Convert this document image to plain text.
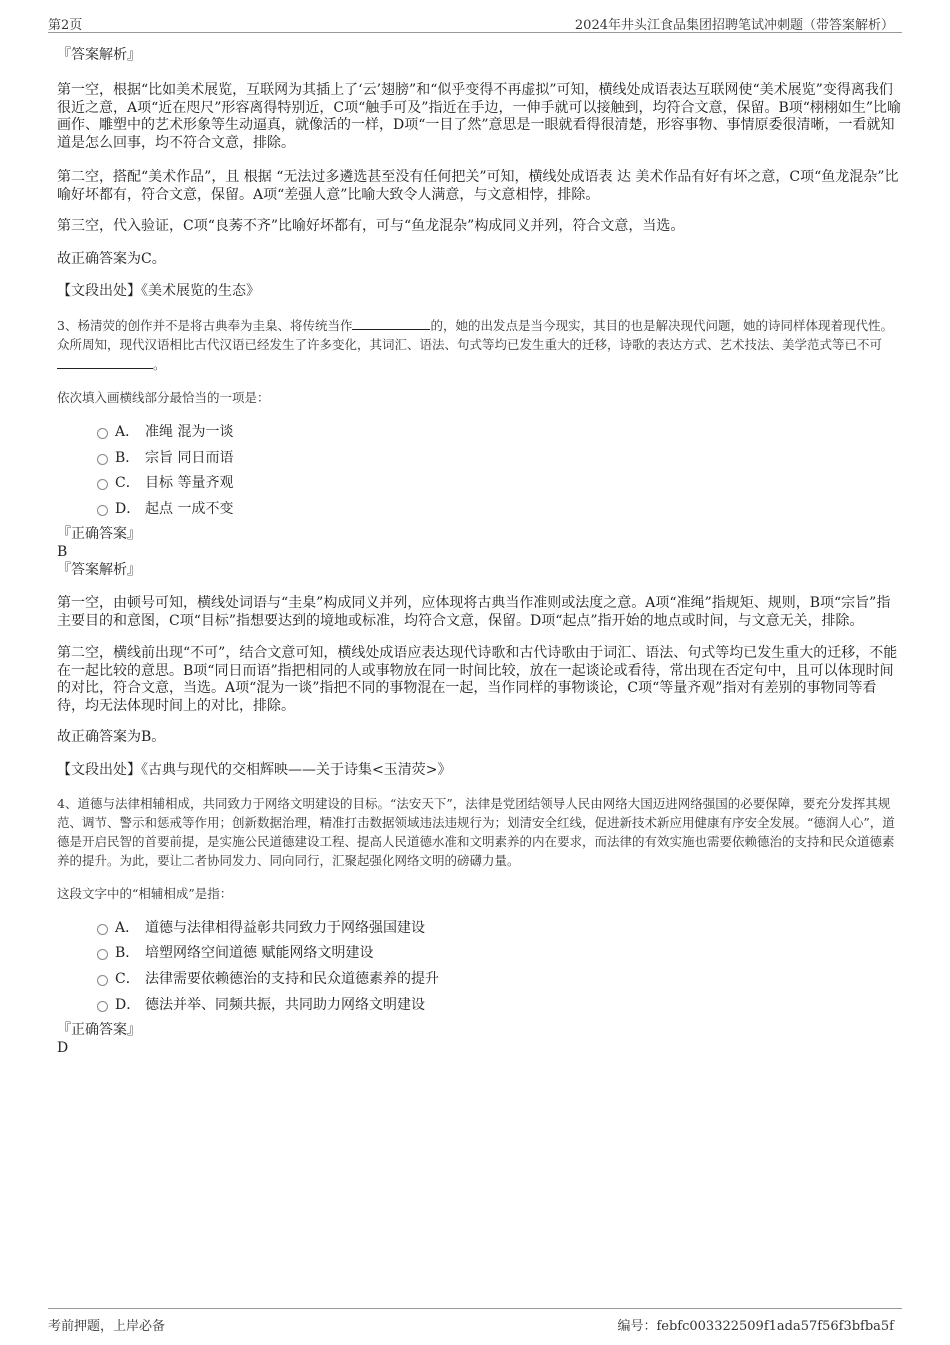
第2页	2024年井头江食品集团招聘笔试冲刺题（带答案解析）

『答案解析』

第一空，根据“比如美术展览，互联网为其插上了‘云’翅膀”和“似乎变得不再虚拟”可知，横线处成语表达互联网使“美术展览”变得离我们很近之意，A项“近在咫尺”形容离得特别近，C项“触手可及”指近在手边，一伸手就可以接触到，均符合文意，保留。B项“栩栩如生”比喻画作、雕塑中的艺术形象等生动逼真，就像活的一样，D项“一目了然”意思是一眼就看得很清楚，形容事物、事情原委很清晰，一看就知道是怎么回事，均不符合文意，排除。

第二空，搭配“美术作品”，且 根据 “无法过多遴选甚至没有任何把关”可知，横线处成语表 达 美术作品有好有坏之意，C项“鱼龙混杂”比喻好坏都有，符合文意，保留。A项“差强人意”比喻大致令人满意，与文意相悖，排除。

第三空，代入验证，C项“良莠不齐”比喻好坏都有，可与“鱼龙混杂”构成同义并列，符合文意，当选。

故正确答案为C。

【文段出处】《美术展览的生态》

3、杨清荧的创作并不是将古典奉为圭臬、将传统当作	的，她的出发点是当今现实，其目的也是解决现代问题，她的诗同样体现着现代性。众所周知，现代汉语相比古代汉语已经发生了许多变化，其词汇、语法、句式等均已发生重大的迁移，诗歌的表达方式、艺术技法、美学范式等已不可。

依次填入画横线部分最恰当的一项是：

A． 准绳 混为一谈
B． 宗旨 同日而语
C． 目标 等量齐观
D． 起点 一成不变

『正确答案』

B

『答案解析』

第一空，由顿号可知，横线处词语与“圭臬”构成同义并列，应体现将古典当作准则或法度之意。A项“准绳”指规矩、规则，B项“宗旨”指主要目的和意图，C项“目标”指想要达到的境地或标准，均符合文意，保留。D项“起点”指开始的地点或时间，与文意无关，排除。

第二空，横线前出现“不可”，结合文意可知，横线处成语应表达现代诗歌和古代诗歌由于词汇、语法、句式等均已发生重大的迁移，不能在一起比较的意思。B项“同日而语”指把相同的人或事物放在同一时间比较，放在一起谈论或看待，常出现在否定句中，且可以体现时间的对比，符合文意，当选。A项“混为一谈”指把不同的事物混在一起，当作同样的事物谈论，C项“等量齐观”指对有差别的事物同等看待，均无法体现时间上的对比，排除。

故正确答案为B。

【文段出处】《古典与现代的交相辉映——关于诗集<玉清荧>》

4、道德与法律相辅相成，共同致力于网络文明建设的目标。“法安天下”，法律是党团结领导人民由网络大国迈进网络强国的必要保障，要充分发挥其规范、调节、警示和惩戒等作用；创新数据治理，精准打击数据领域违法违规行为；划清安全红线，促进新技术新应用健康有序安全发展。“德润人心”，道德是开启民智的首要前提，是实施公民道德建设工程、提高人民道德水准和文明素养的内在要求，而法律的有效实施也需要依赖德治的支持和民众道德素养的提升。为此，要让二者协同发力、同向同行，汇聚起强化网络文明的磅礴力量。

这段文字中的“相辅相成”是指：

A． 道德与法律相得益彰共同致力于网络强国建设
B． 培塑网络空间道德 赋能网络文明建设
C． 法律需要依赖德治的支持和民众道德素养的提升
D． 德法并举、同频共振，共同助力网络文明建设

『正确答案』

D

考前押题，上岸必备	编号：febfc003322509f1ada57f56f3bfba5f
